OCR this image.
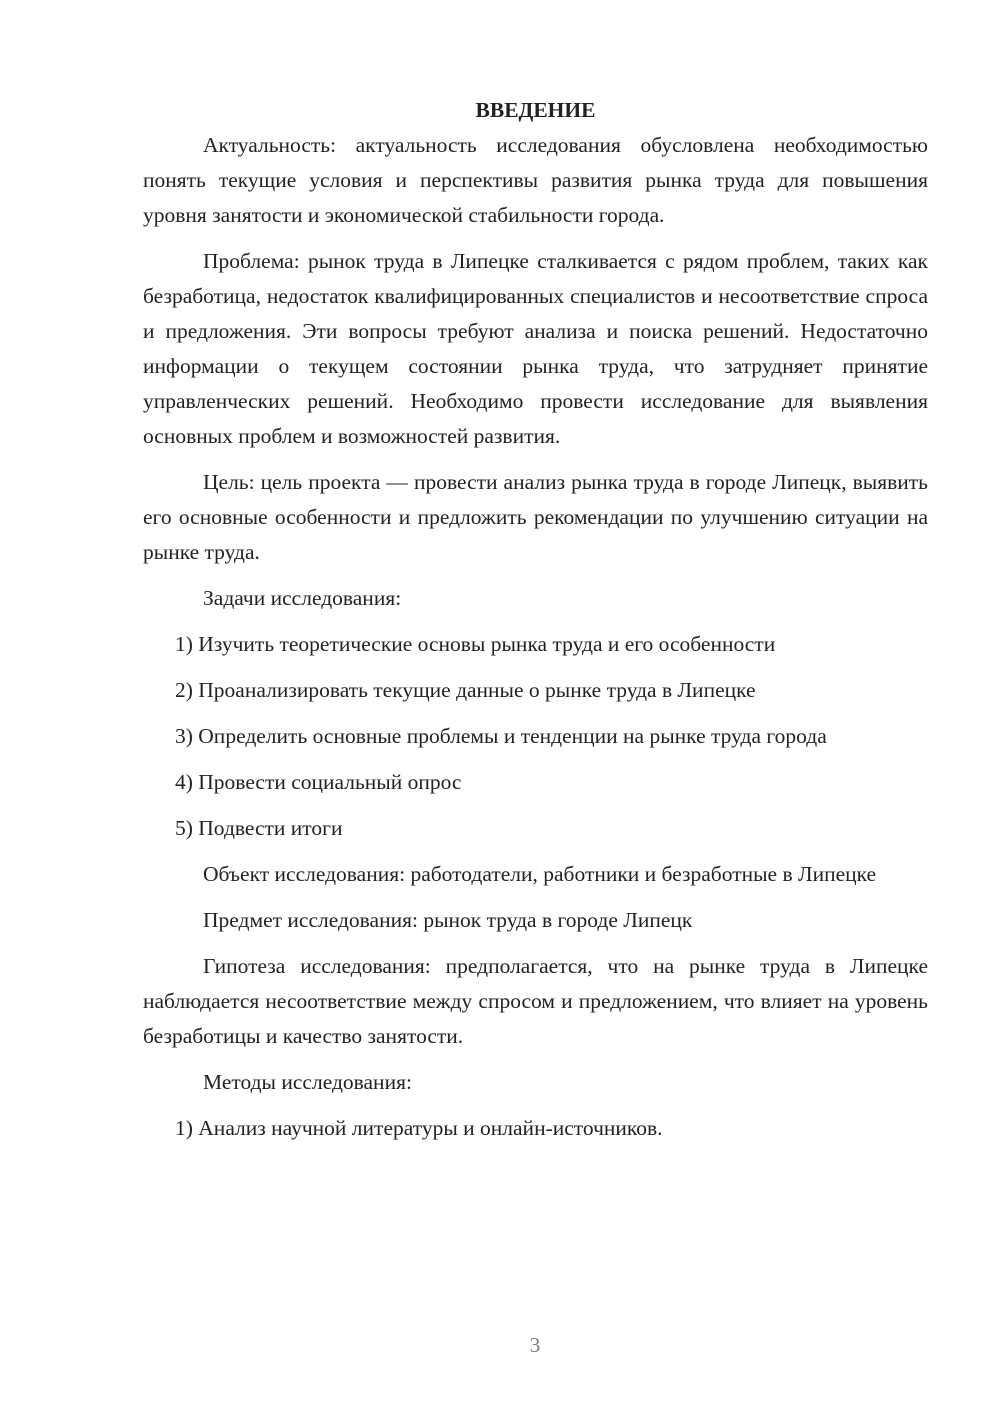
ВВЕДЕНИЕ

Актуальность: актуальность исследования обусловлена необходимостью понять текущие условия и перспективы развития рынка труда для повышения уровня занятости и экономической стабильности города.

Проблема: рынок труда в Липецке сталкивается с рядом проблем, таких как безработица, недостаток квалифицированных специалистов и несоответствие спроса и предложения. Эти вопросы требуют анализа и поиска решений. Недостаточно информации о текущем состоянии рынка труда, что затрудняет принятие управленческих решений. Необходимо провести исследование для выявления основных проблем и возможностей развития.

Цель: цель проекта — провести анализ рынка труда в городе Липецк, выявить его основные особенности и предложить рекомендации по улучшению ситуации на рынке труда.

Задачи исследования:

1) Изучить теоретические основы рынка труда и его особенности

2) Проанализировать текущие данные о рынке труда в Липецке

3) Определить основные проблемы и тенденции на рынке труда города

4) Провести социальный опрос

5) Подвести итоги

Объект исследования: работодатели, работники и безработные в Липецке

Предмет исследования: рынок труда в городе Липецк

Гипотеза исследования: предполагается, что на рынке труда в Липецке наблюдается несоответствие между спросом и предложением, что влияет на уровень безработицы и качество занятости.

Методы исследования:

1) Анализ научной литературы и онлайн-источников.

3
